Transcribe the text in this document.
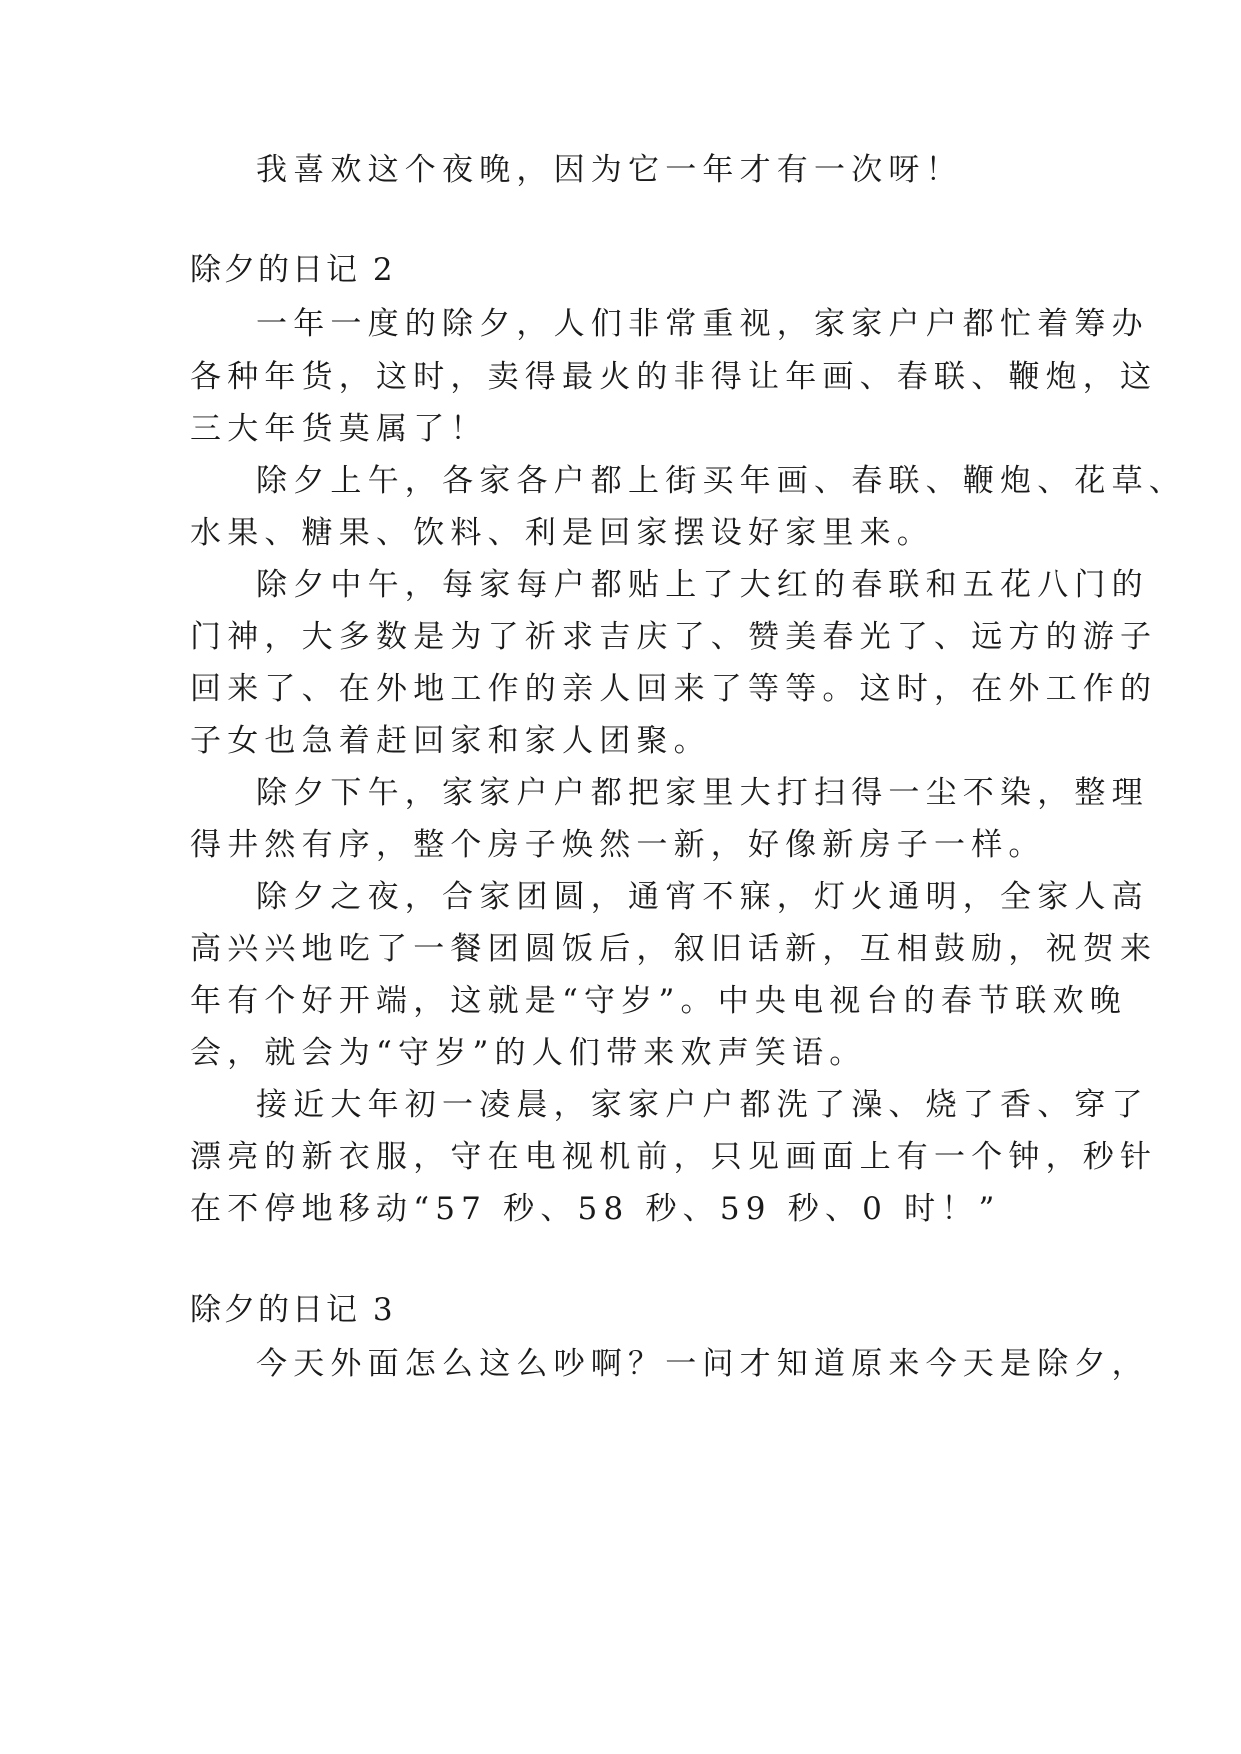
我喜欢这个夜晚，因为它一年才有一次呀！
除夕的日记 2
一年一度的除夕，人们非常重视，家家户户都忙着筹办
各种年货，这时，卖得最火的非得让年画、春联、鞭炮，这
三大年货莫属了！
除夕上午，各家各户都上街买年画、春联、鞭炮、花草、
水果、糖果、饮料、利是回家摆设好家里来。
除夕中午，每家每户都贴上了大红的春联和五花八门的
门神，大多数是为了祈求吉庆了、赞美春光了、远方的游子
回来了、在外地工作的亲人回来了等等。这时，在外工作的
子女也急着赶回家和家人团聚。
除夕下午，家家户户都把家里大打扫得一尘不染，整理
得井然有序，整个房子焕然一新，好像新房子一样。
除夕之夜，合家团圆，通宵不寐，灯火通明，全家人高
高兴兴地吃了一餐团圆饭后，叙旧话新，互相鼓励，祝贺来
年有个好开端，这就是“守岁”。中央电视台的春节联欢晚
会，就会为“守岁”的人们带来欢声笑语。
接近大年初一凌晨，家家户户都洗了澡、烧了香、穿了
漂亮的新衣服，守在电视机前，只见画面上有一个钟，秒针
在不停地移动“57 秒、58 秒、59 秒、0 时！”
除夕的日记 3
今天外面怎么这么吵啊？一问才知道原来今天是除夕，
